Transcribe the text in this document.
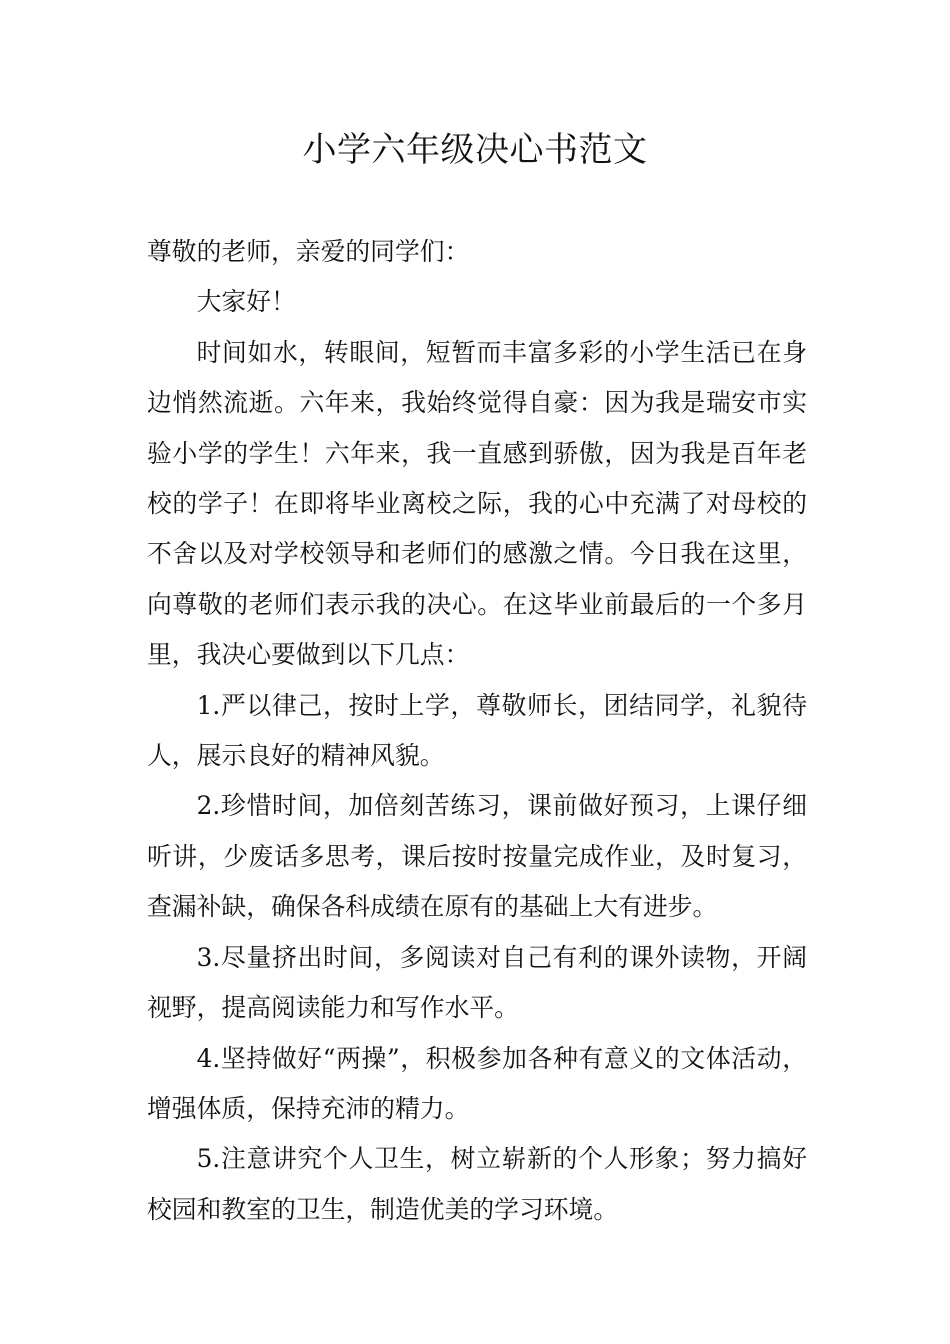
小学六年级决心书范文

尊敬的老师，亲爱的同学们：

大家好！

时间如水，转眼间，短暂而丰富多彩的小学生活已在身边悄然流逝。六年来，我始终觉得自豪：因为我是瑞安市实验小学的学生！六年来，我一直感到骄傲，因为我是百年老校的学子！在即将毕业离校之际，我的心中充满了对母校的不舍以及对学校领导和老师们的感激之情。今日我在这里，向尊敬的老师们表示我的决心。在这毕业前最后的一个多月里，我决心要做到以下几点：

1.严以律己，按时上学，尊敬师长，团结同学，礼貌待人，展示良好的精神风貌。

2.珍惜时间，加倍刻苦练习，课前做好预习，上课仔细听讲，少废话多思考，课后按时按量完成作业，及时复习，查漏补缺，确保各科成绩在原有的基础上大有进步。

3.尽量挤出时间，多阅读对自己有利的课外读物，开阔视野，提高阅读能力和写作水平。

4.坚持做好“两操”，积极参加各种有意义的文体活动，增强体质，保持充沛的精力。

5.注意讲究个人卫生，树立崭新的个人形象；努力搞好校园和教室的卫生，制造优美的学习环境。
